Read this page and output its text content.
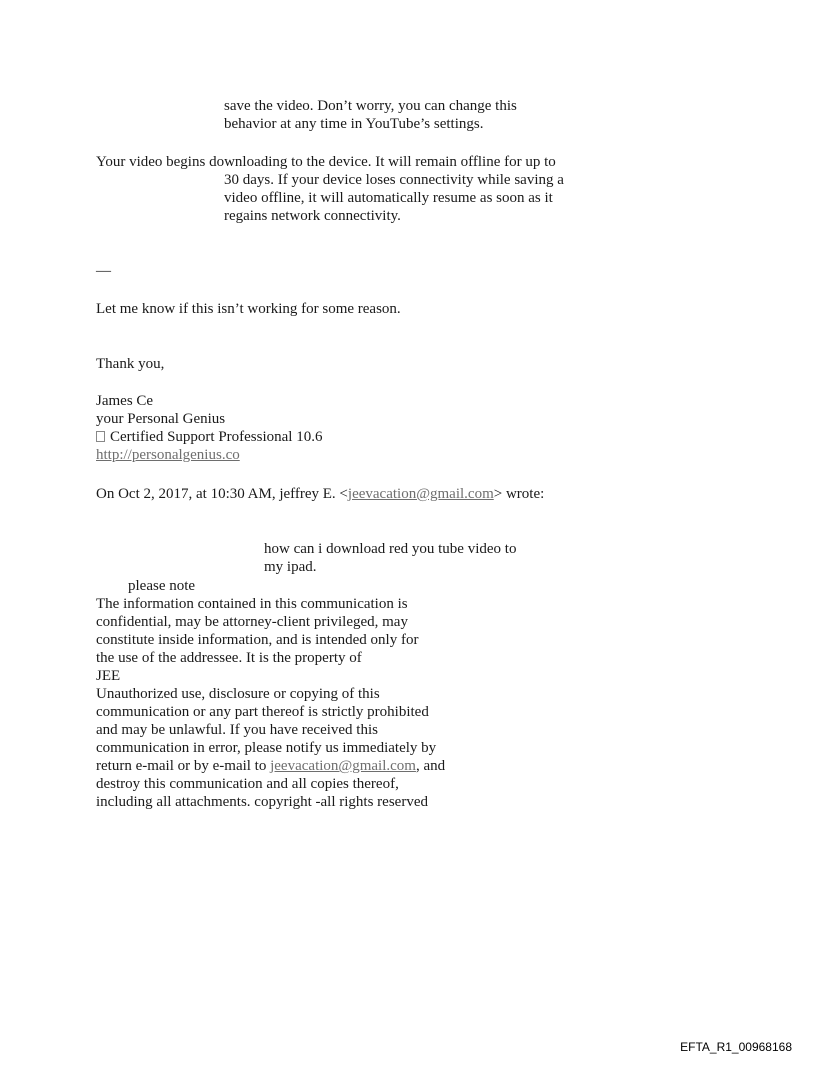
save the video. Don’t worry, you can change this
behavior at any time in YouTube’s settings.
Your video begins downloading to the device. It will remain offline for up to
30 days. If your device loses connectivity while saving a
video offline, it will automatically resume as soon as it
regains network connectivity.
—
Let me know if this isn’t working for some reason.
Thank you,
James Ce
your Personal Genius
Certified Support Professional 10.6
http://personalgenius.co
On Oct 2, 2017, at 10:30 AM, jeffrey E. <jeevacation@gmail.com> wrote:
how can i download red you tube video to
my ipad.
please note
The information contained in this communication is
confidential, may be attorney-client privileged, may
constitute inside information, and is intended only for
the use of the addressee. It is the property of
JEE
Unauthorized use, disclosure or copying of this
communication or any part thereof is strictly prohibited
and may be unlawful. If you have received this
communication in error, please notify us immediately by
return e-mail or by e-mail to jeevacation@gmail.com, and
destroy this communication and all copies thereof,
including all attachments. copyright -all rights reserved
EFTA_R1_00968168
